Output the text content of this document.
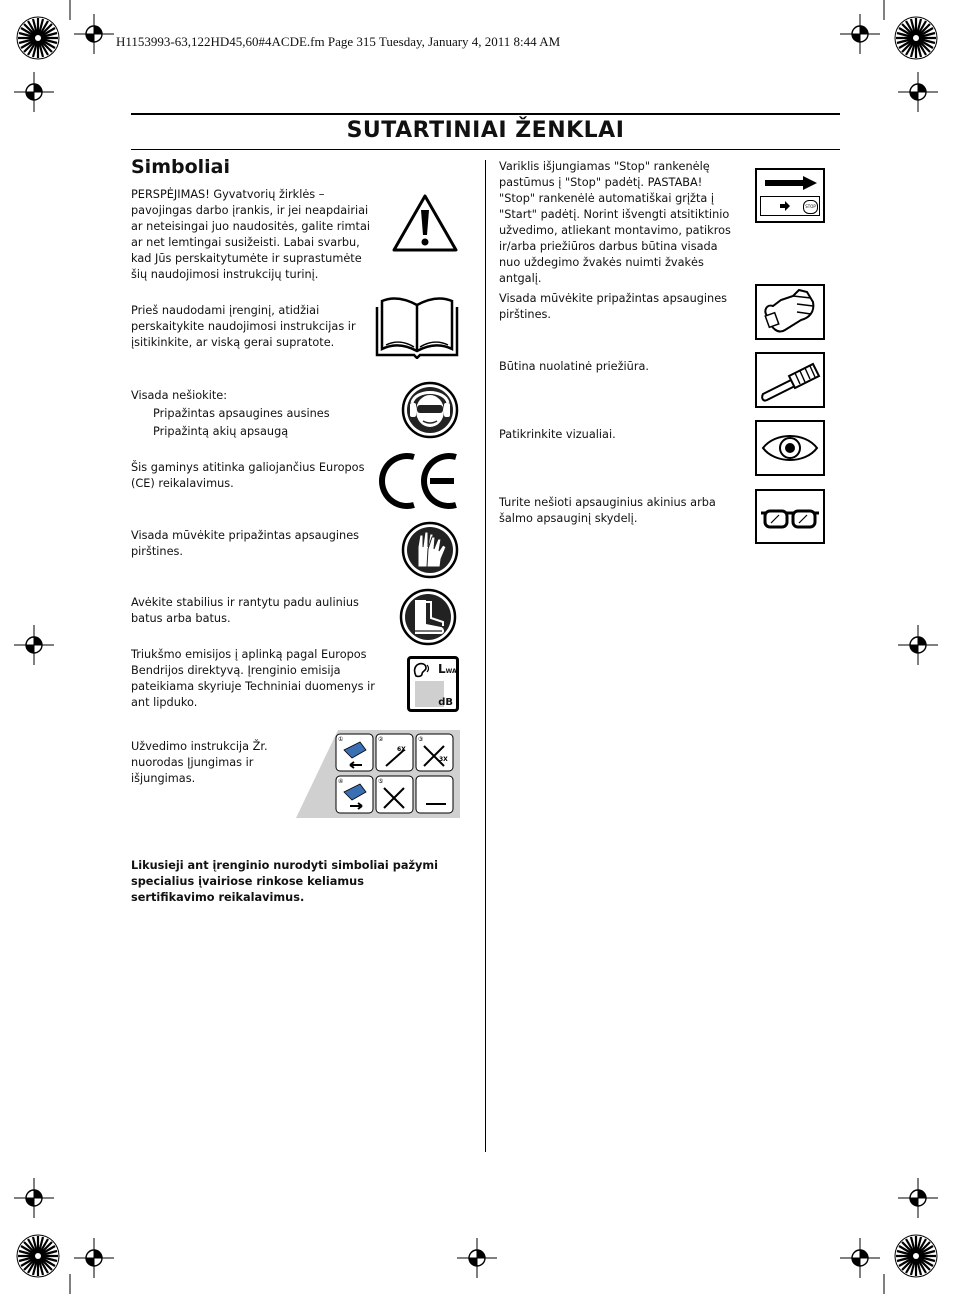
H1153993-63,122HD45,60#4ACDE.fm Page 315 Tuesday, January 4, 2011 8:44 AM
SUTARTINIAI ŽENKLAI
Simboliai
PERSPĖJIMAS! Gyvatvorių žirklės – pavojingas darbo įrankis, ir jei neapdairiai ar neteisingai juo naudositės, galite rimtai ar net lemtingai susižeisti. Labai svarbu, kad Jūs perskaitytumėte ir suprastumėte šių naudojimosi instrukcijų turinį.
Prieš naudodami įrenginį, atidžiai perskaitykite naudojimosi instrukcijas ir įsitikinkite, ar viską gerai supratote.
Visada nešiokite:
Pripažintas apsaugines ausines
Pripažintą akių apsaugą
Šis gaminys atitinka galiojančius Europos (CE) reikalavimus.
Visada mūvėkite pripažintas apsaugines pirštines.
Avėkite stabilius ir rantytu padu aulinius batus arba batus.
Triukšmo emisijos į aplinką pagal Europos Bendrijos direktyvą. Įrenginio emisija pateikiama skyriuje Techniniai duomenys ir ant lipduko.
LWA
dB
Užvedimo instrukcija Žr. nuorodas Įjungimas ir išjungimas.
①	②	③
④	⑤
6X
3X
Likusieji ant įrenginio nurodyti simboliai pažymi specialius įvairiose rinkose keliamus sertifikavimo reikalavimus.
Variklis išjungiamas "Stop" rankenėlę pastūmus į "Stop" padėtį. PASTABA! "Stop" rankenėlė automatiškai grįžta į "Start" padėtį. Norint išvengti atsitiktinio užvedimo, atliekant montavimo, patikros ir/arba priežiūros darbus būtina visada nuo uždegimo žvakės nuimti žvakės antgalį.
STOP
Visada mūvėkite pripažintas apsaugines pirštines.
Būtina nuolatinė priežiūra.
Patikrinkite vizualiai.
Turite nešioti apsauginius akinius arba šalmo apsauginį skydelį.
